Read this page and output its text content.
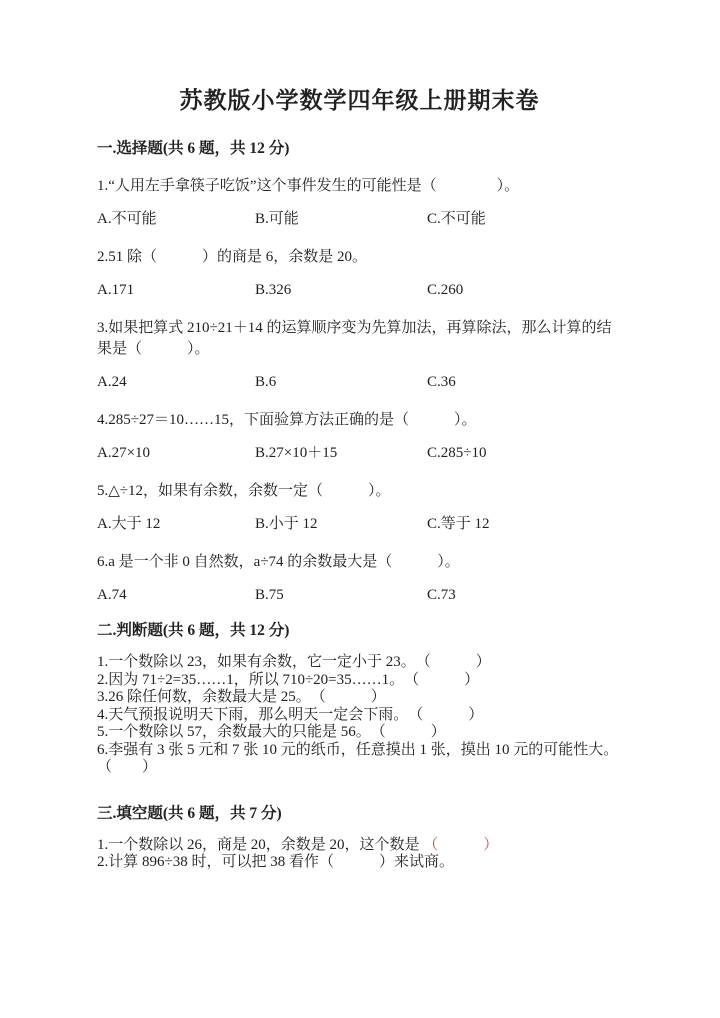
苏教版小学数学四年级上册期末卷
一.选择题(共 6 题，共 12 分)

1.“人用左手拿筷子吃饭”这个事件发生的可能性是（　　　　）。

A.不可能	B.可能	C.不可能

2.51 除（　　　）的商是 6，余数是 20。

A.171	B.326	C.260

3.如果把算式 210÷21＋14 的运算顺序变为先算加法，再算除法，那么计算的结果是（　　　）。

A.24	B.6	C.36

4.285÷27＝10……15，下面验算方法正确的是（　　　）。

A.27×10	B.27×10＋15	C.285÷10

5.△÷12，如果有余数，余数一定（　　　）。

A.大于 12	B.小于 12	C.等于 12

6.a 是一个非 0 自然数，a÷74 的余数最大是（　　　）。

A.74	B.75	C.73
二.判断题(共 6 题，共 12 分)

1.一个数除以 23，如果有余数，它一定小于 23。　（　　　）

2.因为 71÷2=35……1，所以 710÷20=35……1。　（　　　）

3.26 除任何数，余数最大是 25。　（　　　）

4.天气预报说明天下雨，那么明天一定会下雨。　（　　　）

5.一个数除以 57，余数最大的只能是 56。　（　　　）

6.李强有 3 张 5 元和 7 张 10 元的纸币，任意摸出 1 张，摸出 10 元的可能性大。　　（　　）

三.填空题(共 6 题，共 7 分)

1.一个数除以 26，商是 20，余数是 20，这个数是 （　　　）

2.计算 896÷38 时，可以把 38 看作（　　　）来试商。
